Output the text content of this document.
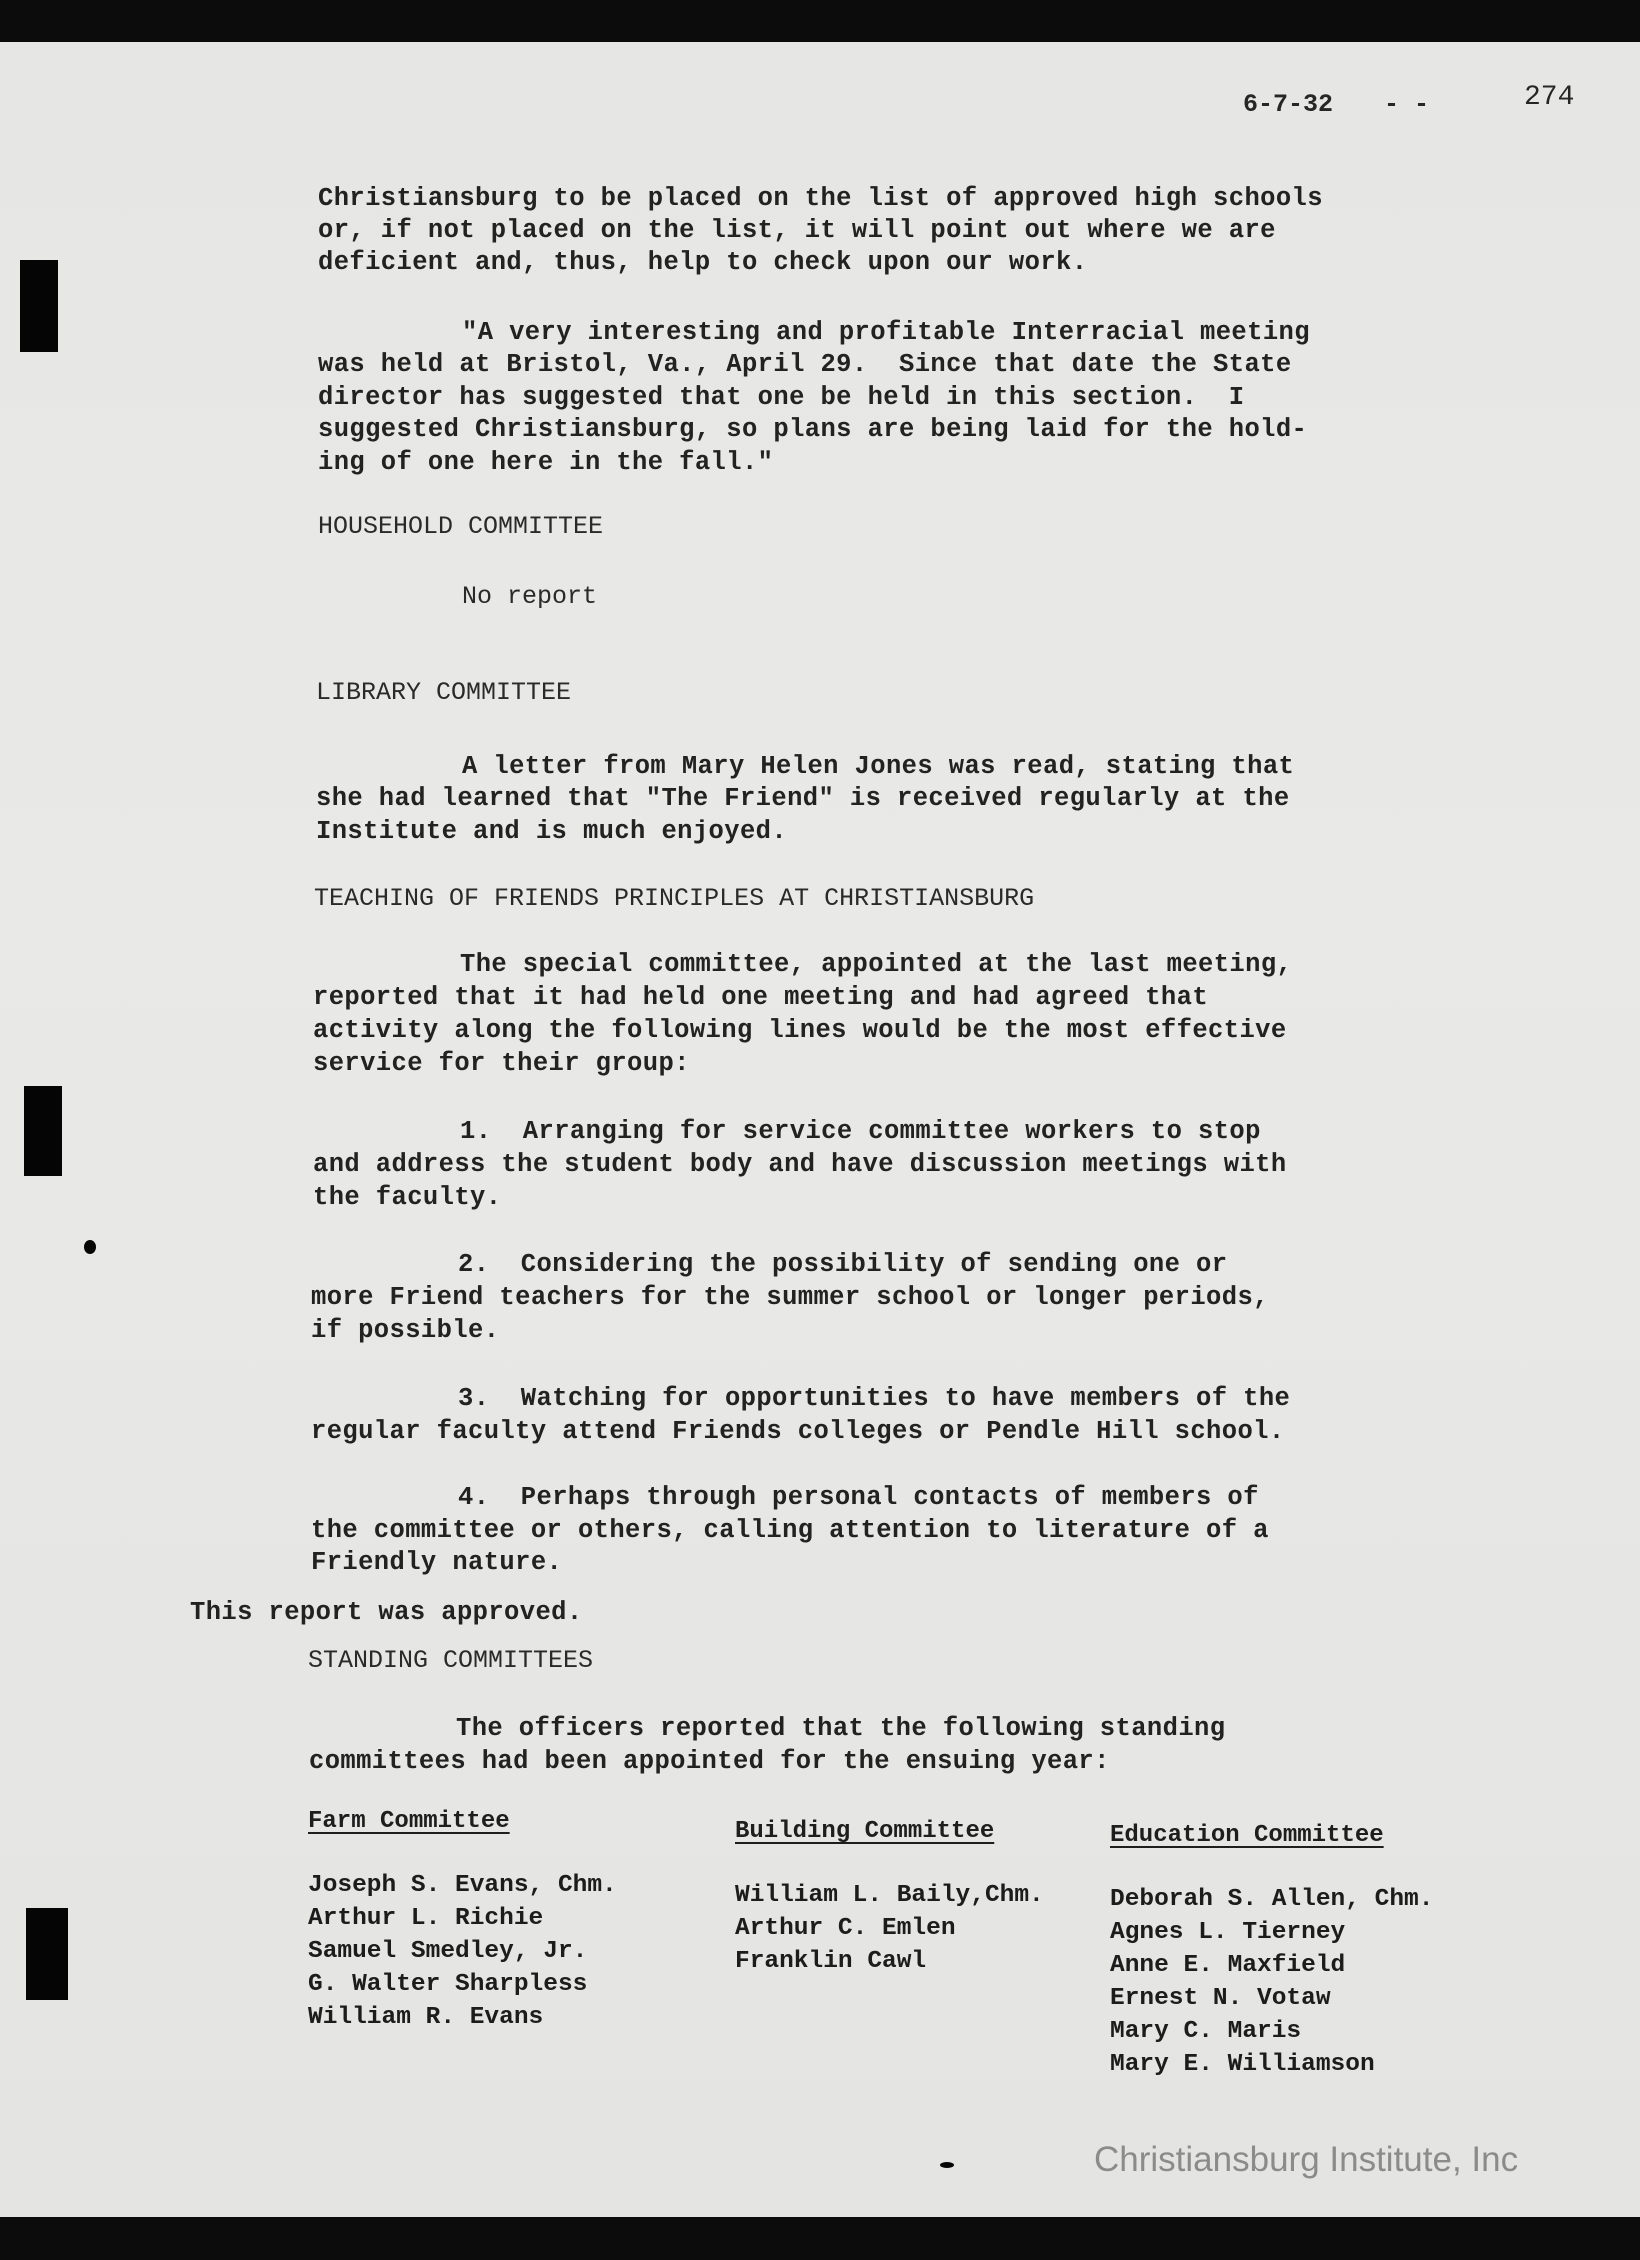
6-7-32 - -	274
Christiansburg to be placed on the list of approved high schools
or, if not placed on the list, it will point out where we are
deficient and, thus, help to check upon our work.
"A very interesting and profitable Interracial meeting
was held at Bristol, Va., April 29.  Since that date the State
director has suggested that one be held in this section.  I
suggested Christiansburg, so plans are being laid for the hold-
ing of one here in the fall."
HOUSEHOLD COMMITTEE
No report
LIBRARY COMMITTEE
A letter from Mary Helen Jones was read, stating that
she had learned that "The Friend" is received regularly at the
Institute and is much enjoyed.
TEACHING OF FRIENDS PRINCIPLES AT CHRISTIANSBURG
The special committee, appointed at the last meeting,
reported that it had held one meeting and had agreed that
activity along the following lines would be the most effective
service for their group:
1.  Arranging for service committee workers to stop
and address the student body and have discussion meetings with
the faculty.
2.  Considering the possibility of sending one or
more Friend teachers for the summer school or longer periods,
if possible.
3.  Watching for opportunities to have members of the
regular faculty attend Friends colleges or Pendle Hill school.
4.  Perhaps through personal contacts of members of
the committee or others, calling attention to literature of a
Friendly nature.
This report was approved.
STANDING COMMITTEES
The officers reported that the following standing
committees had been appointed for the ensuing year:
Farm Committee
Joseph S. Evans, Chm.
Arthur L. Richie
Samuel Smedley, Jr.
G. Walter Sharpless
William R. Evans
Building Committee
William L. Baily,Chm.
Arthur C. Emlen
Franklin Cawl
Education Committee
Deborah S. Allen, Chm.
Agnes L. Tierney
Anne E. Maxfield
Ernest N. Votaw
Mary C. Maris
Mary E. Williamson
Christiansburg Institute, Inc
